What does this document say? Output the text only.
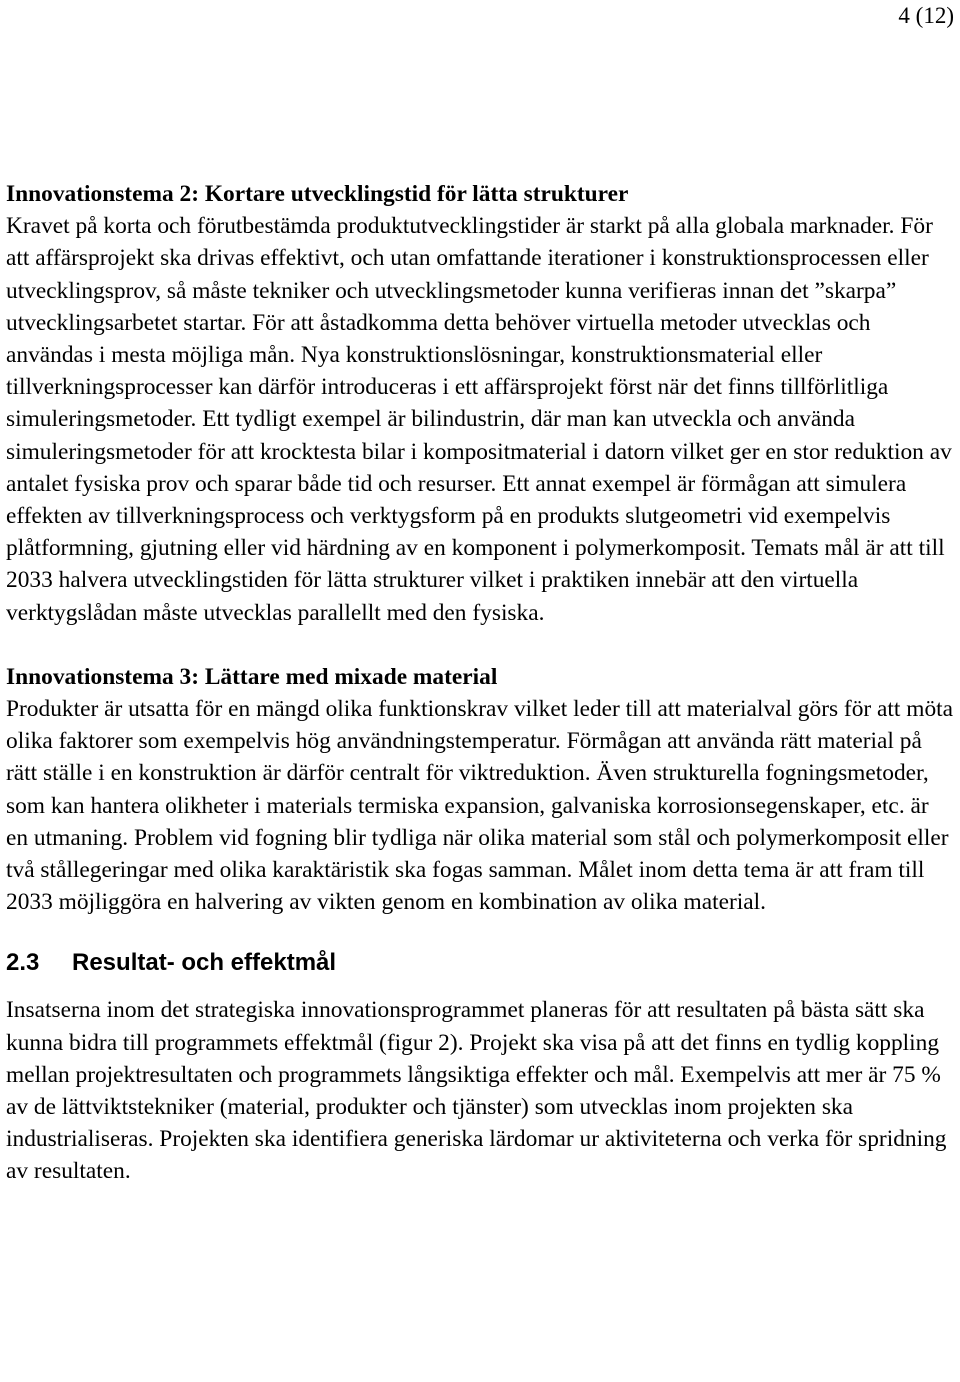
4 (12)

Innovationstema 2: Kortare utvecklingstid för lätta strukturer

Kravet på korta och förutbestämda produktutvecklingstider är starkt på alla globala marknader. För att affärsprojekt ska drivas effektivt, och utan omfattande iterationer i konstruktionsprocessen eller utvecklingsprov, så måste tekniker och utvecklingsmetoder kunna verifieras innan det ”skarpa” utvecklingsarbetet startar. För att åstadkomma detta behöver virtuella metoder utvecklas och användas i mesta möjliga mån. Nya konstruktionslösningar, konstruktionsmaterial eller tillverkningsprocesser kan därför introduceras i ett affärsprojekt först när det finns tillförlitliga simuleringsmetoder. Ett tydligt exempel är bilindustrin, där man kan utveckla och använda simuleringsmetoder för att krocktesta bilar i kompositmaterial i datorn vilket ger en stor reduktion av antalet fysiska prov och sparar både tid och resurser. Ett annat exempel är förmågan att simulera effekten av tillverkningsprocess och verktygsform på en produkts slutgeometri vid exempelvis plåtformning, gjutning eller vid härdning av en komponent i polymerkomposit. Temats mål är att till 2033 halvera utvecklingstiden för lätta strukturer vilket i praktiken innebär att den virtuella verktygslådan måste utvecklas parallellt med den fysiska.

Innovationstema 3: Lättare med mixade material

Produkter är utsatta för en mängd olika funktionskrav vilket leder till att materialval görs för att möta olika faktorer som exempelvis hög användningstemperatur. Förmågan att använda rätt material på rätt ställe i en konstruktion är därför centralt för viktreduktion. Även strukturella fogningsmetoder, som kan hantera olikheter i materials termiska expansion, galvaniska korrosionsegenskaper, etc. är en utmaning. Problem vid fogning blir tydliga när olika material som stål och polymerkomposit eller två stållegeringar med olika karaktäristik ska fogas samman. Målet inom detta tema är att fram till 2033 möjliggöra en halvering av vikten genom en kombination av olika material.

2.3 Resultat- och effektmål

Insatserna inom det strategiska innovationsprogrammet planeras för att resultaten på bästa sätt ska kunna bidra till programmets effektmål (figur 2). Projekt ska visa på att det finns en tydlig koppling mellan projektresultaten och programmets långsiktiga effekter och mål. Exempelvis att mer är 75 % av de lättviktstekniker (material, produkter och tjänster) som utvecklas inom projekten ska industrialiseras. Projekten ska identifiera generiska lärdomar ur aktiviteterna och verka för spridning av resultaten.
